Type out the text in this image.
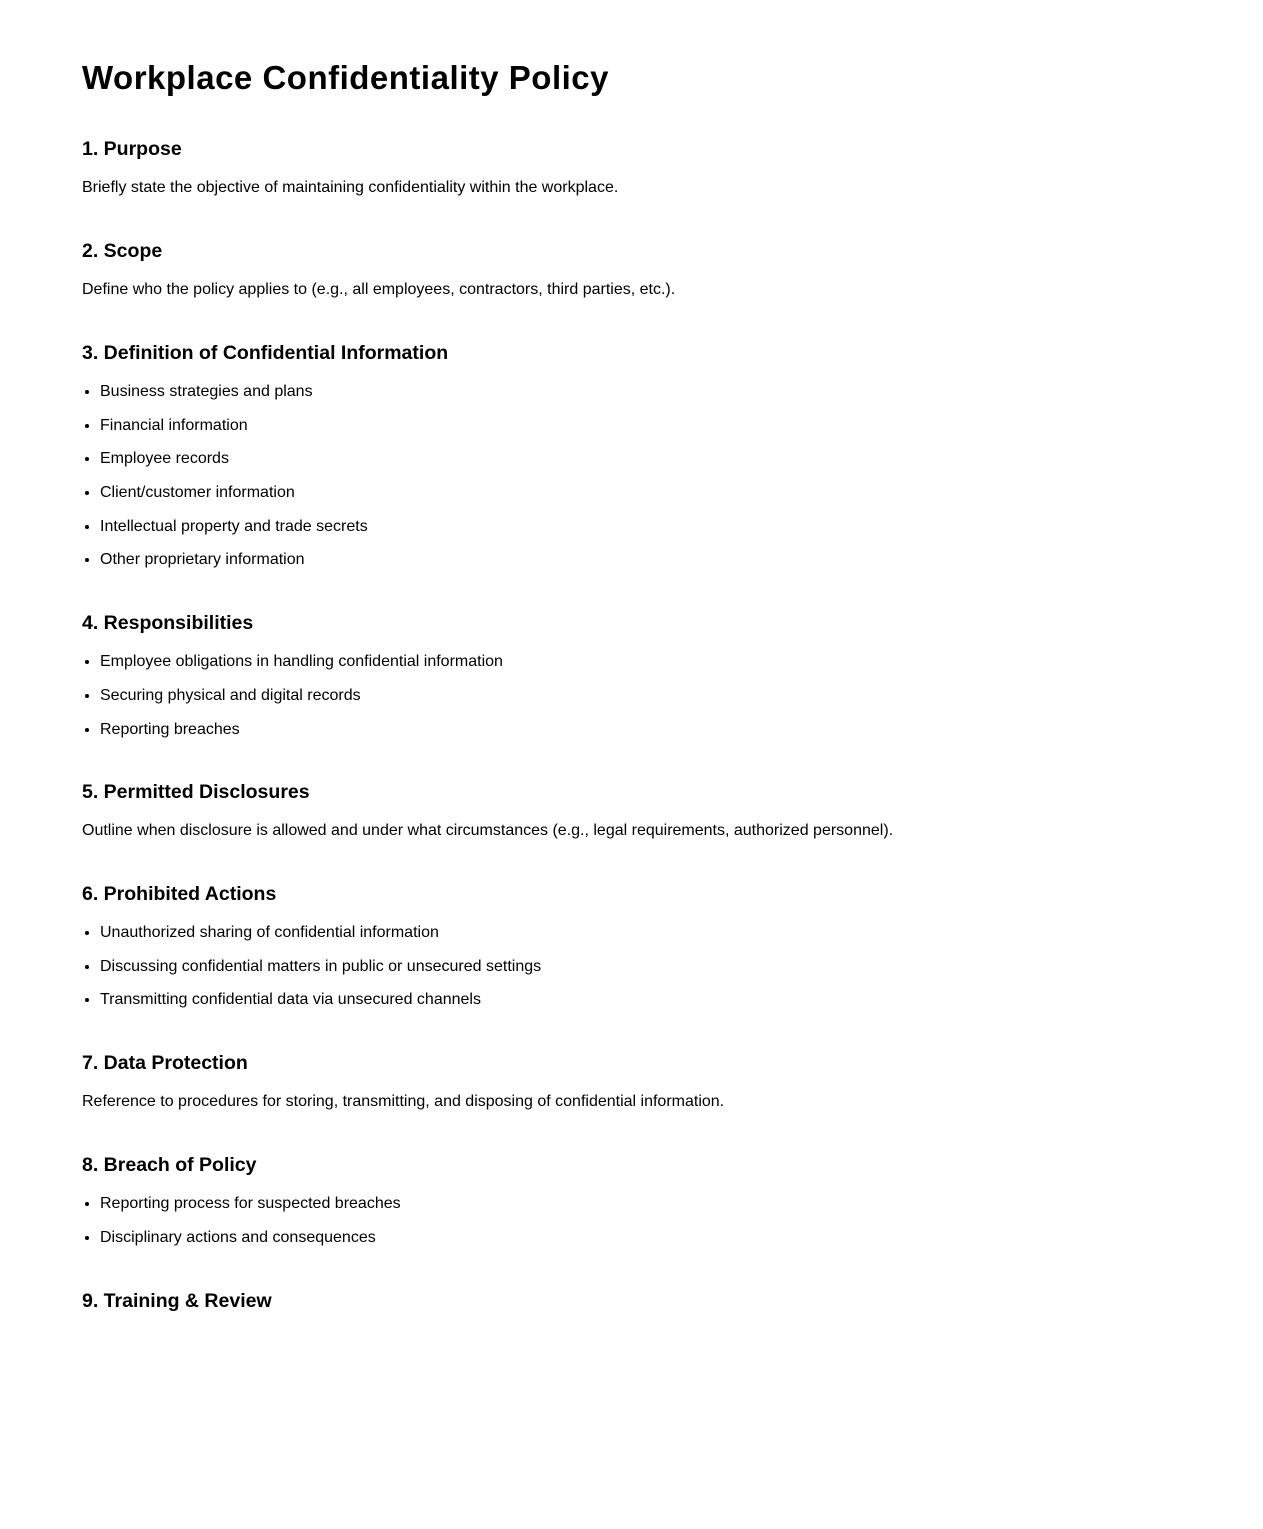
Workplace Confidentiality Policy
1. Purpose

Briefly state the objective of maintaining confidentiality within the workplace.

2. Scope

Define who the policy applies to (e.g., all employees, contractors, third parties, etc.).

3. Definition of Confidential Information
• Business strategies and plans
• Financial information
• Employee records
• Client/customer information
• Intellectual property and trade secrets
• Other proprietary information
4. Responsibilities
• Employee obligations in handling confidential information
• Securing physical and digital records
• Reporting breaches
5. Permitted Disclosures

Outline when disclosure is allowed and under what circumstances (e.g., legal requirements, authorized personnel).

6. Prohibited Actions
• Unauthorized sharing of confidential information
• Discussing confidential matters in public or unsecured settings
• Transmitting confidential data via unsecured channels
7. Data Protection

Reference to procedures for storing, transmitting, and disposing of confidential information.

8. Breach of Policy
• Reporting process for suspected breaches
• Disciplinary actions and consequences
9. Training & Review
